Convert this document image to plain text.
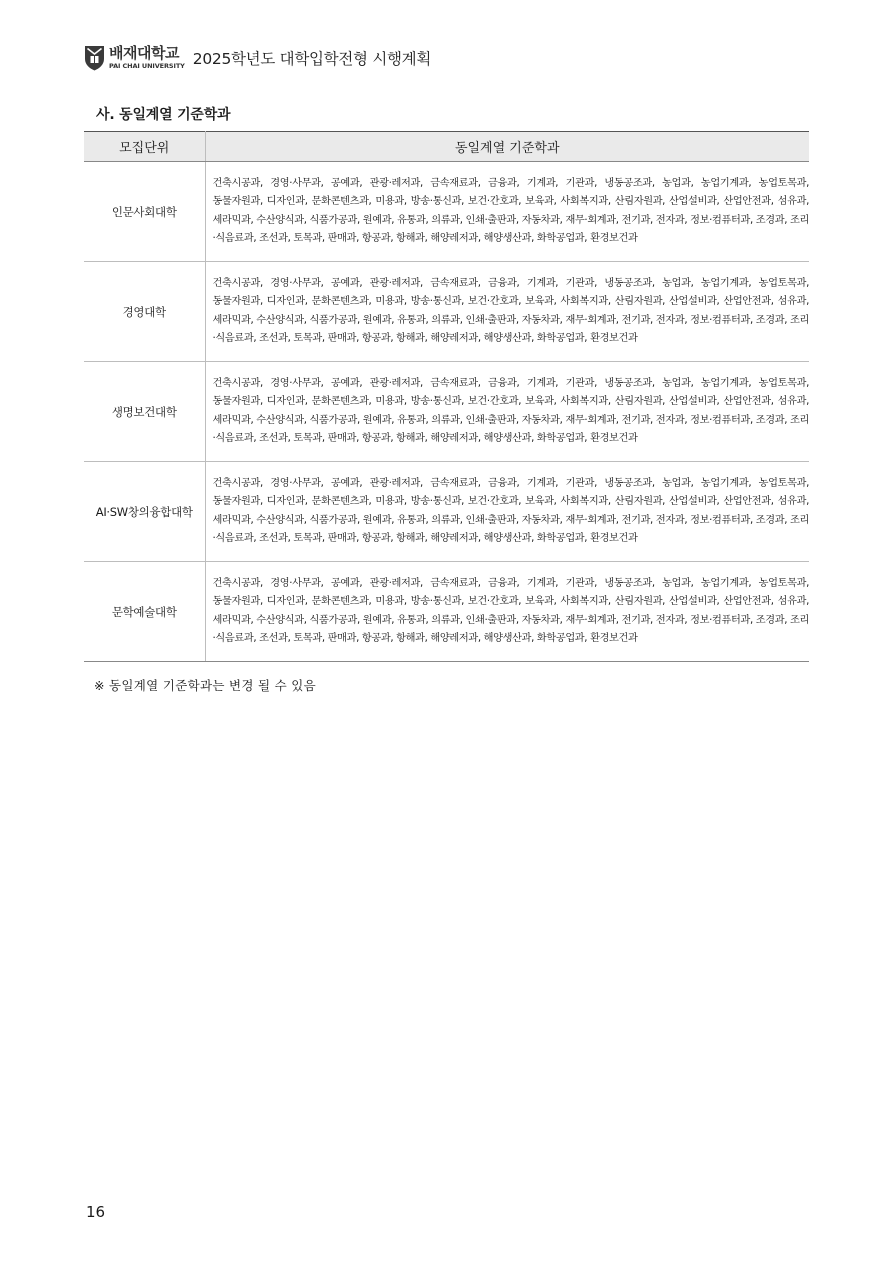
배재대학교
PAI CHAI UNIVERSITY 2025학년도 대학입학전형 시행계획
사. 동일계열 기준학과
모집단위	동일계열 기준학과
인문사회대학	건축시공과, 경영·사무과, 공예과, 관광·레저과, 금속재료과, 금융과, 기계과, 기관과, 냉동공조과, 농업과, 농업기계과, 농업토목과, 동물자원과, 디자인과, 문화콘텐츠과, 미용과, 방송·통신과, 보건·간호과, 보육과, 사회복지과, 산림자원과, 산업설비과, 산업안전과, 섬유과, 세라믹과, 수산양식과, 식품가공과, 원예과, 유통과, 의류과, 인쇄·출판과, 자동차과, 재무·회계과, 전기과, 전자과, 정보·컴퓨터과, 조경과, 조리·식음료과, 조선과, 토목과, 판매과, 항공과, 항해과, 해양레저과, 해양생산과, 화학공업과, 환경보건과

경영대학	건축시공과, 경영·사무과, 공예과, 관광·레저과, 금속재료과, 금융과, 기계과, 기관과, 냉동공조과, 농업과, 농업기계과, 농업토목과, 동물자원과, 디자인과, 문화콘텐츠과, 미용과, 방송·통신과, 보건·간호과, 보육과, 사회복지과, 산림자원과, 산업설비과, 산업안전과, 섬유과, 세라믹과, 수산양식과, 식품가공과, 원예과, 유통과, 의류과, 인쇄·출판과, 자동차과, 재무·회계과, 전기과, 전자과, 정보·컴퓨터과, 조경과, 조리·식음료과, 조선과, 토목과, 판매과, 항공과, 항해과, 해양레저과, 해양생산과, 화학공업과, 환경보건과

생명보건대학	건축시공과, 경영·사무과, 공예과, 관광·레저과, 금속재료과, 금융과, 기계과, 기관과, 냉동공조과, 농업과, 농업기계과, 농업토목과, 동물자원과, 디자인과, 문화콘텐츠과, 미용과, 방송·통신과, 보건·간호과, 보육과, 사회복지과, 산림자원과, 산업설비과, 산업안전과, 섬유과, 세라믹과, 수산양식과, 식품가공과, 원예과, 유통과, 의류과, 인쇄·출판과, 자동차과, 재무·회계과, 전기과, 전자과, 정보·컴퓨터과, 조경과, 조리·식음료과, 조선과, 토목과, 판매과, 항공과, 항해과, 해양레저과, 해양생산과, 화학공업과, 환경보건과

AI·SW창의융합대학	건축시공과, 경영·사무과, 공예과, 관광·레저과, 금속재료과, 금융과, 기계과, 기관과, 냉동공조과, 농업과, 농업기계과, 농업토목과, 동물자원과, 디자인과, 문화콘텐츠과, 미용과, 방송·통신과, 보건·간호과, 보육과, 사회복지과, 산림자원과, 산업설비과, 산업안전과, 섬유과, 세라믹과, 수산양식과, 식품가공과, 원예과, 유통과, 의류과, 인쇄·출판과, 자동차과, 재무·회계과, 전기과, 전자과, 정보·컴퓨터과, 조경과, 조리·식음료과, 조선과, 토목과, 판매과, 항공과, 항해과, 해양레저과, 해양생산과, 화학공업과, 환경보건과

문학예술대학	건축시공과, 경영·사무과, 공예과, 관광·레저과, 금속재료과, 금융과, 기계과, 기관과, 냉동공조과, 농업과, 농업기계과, 농업토목과, 동물자원과, 디자인과, 문화콘텐츠과, 미용과, 방송·통신과, 보건·간호과, 보육과, 사회복지과, 산림자원과, 산업설비과, 산업안전과, 섬유과, 세라믹과, 수산양식과, 식품가공과, 원예과, 유통과, 의류과, 인쇄·출판과, 자동차과, 재무·회계과, 전기과, 전자과, 정보·컴퓨터과, 조경과, 조리·식음료과, 조선과, 토목과, 판매과, 항공과, 항해과, 해양레저과, 해양생산과, 화학공업과, 환경보건과
※ 동일계열 기준학과는 변경 될 수 있음
16
